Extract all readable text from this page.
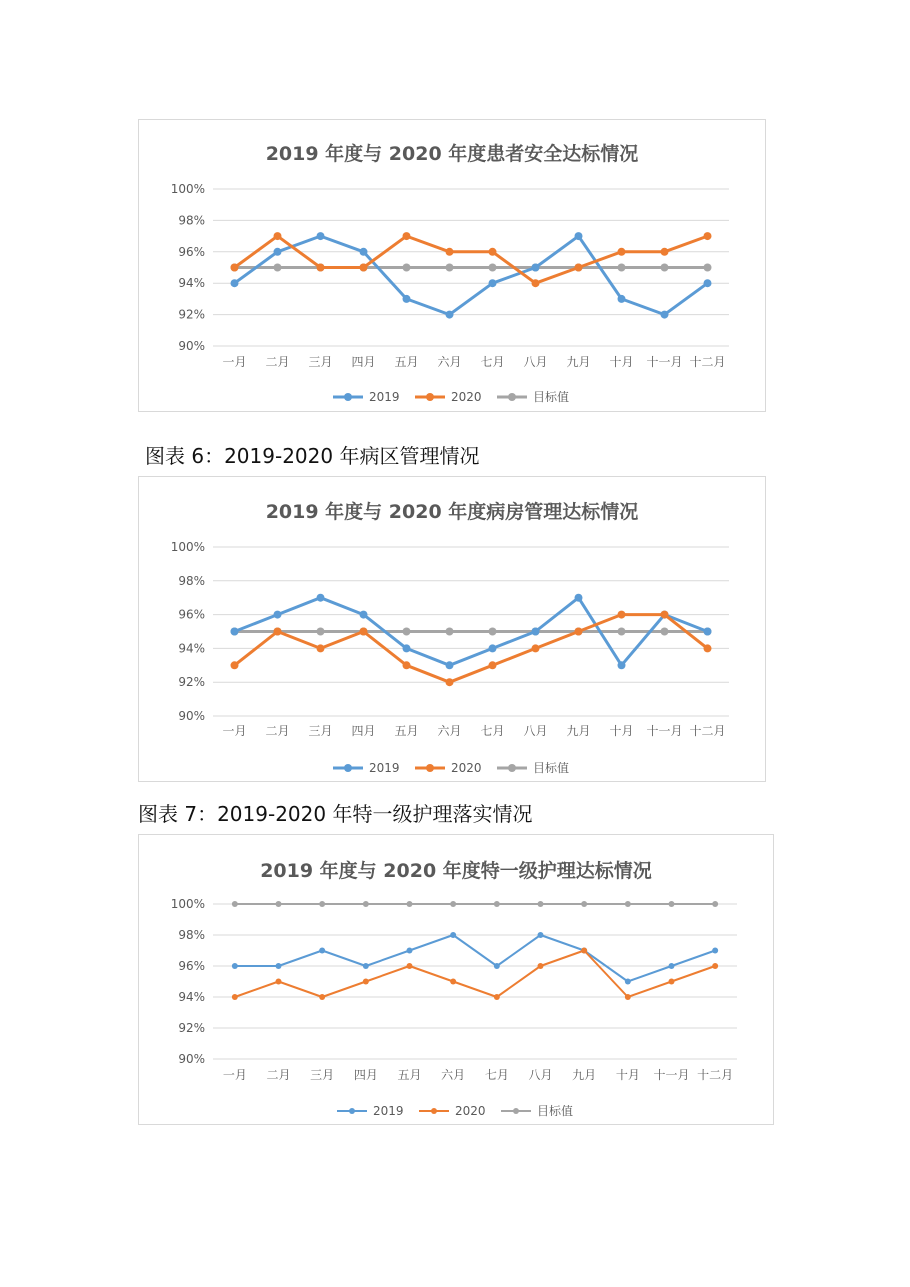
2019 年度与 2020 年度患者安全达标情况
90%
92%
94%
96%
98%
100%
一月 二月 三月 四月 五月 六月 七月 八月 九月 十月 十一月 十二月
2019	2020	目标值
图表 6：2019-2020 年病区管理情况
2019 年度与 2020 年度病房管理达标情况
90%
92%
94%
96%
98%
100%
一月 二月 三月 四月 五月 六月 七月 八月 九月 十月 十一月 十二月
2019	2020	目标值
图表 7：2019-2020 年特一级护理落实情况
2019 年度与 2020 年度特一级护理达标情况
90%
92%
94%
96%
98%
100%
一月 二月 三月 四月 五月 六月 七月 八月 九月 十月 十一月 十二月
2019	2020	目标值
